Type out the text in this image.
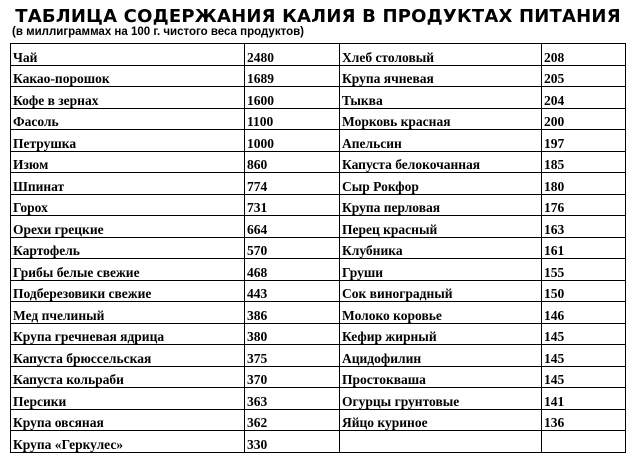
ТАБЛИЦА СОДЕРЖАНИЯ КАЛИЯ В ПРОДУКТАХ ПИТАНИЯ
(в миллиграммах на 100 г. чистого веса продуктов)
Чай	2480	Хлеб столовый	208
Какао-порошок	1689	Крупа ячневая	205
Кофе в зернах	1600	Тыква	204
Фасоль	1100	Морковь красная	200
Петрушка	1000	Апельсин	197
Изюм	860	Капуста белокочанная	185
Шпинат	774	Сыр Рокфор	180
Горох	731	Крупа перловая	176
Орехи грецкие	664	Перец красный	163
Картофель	570	Клубника	161
Грибы белые свежие	468	Груши	155
Подберезовики свежие	443	Сок виноградный	150
Мед пчелиный	386	Молоко коровье	146
Крупа гречневая ядрица	380	Кефир жирный	145
Капуста брюссельская	375	Ацидофилин	145
Капуста кольраби	370	Простокваша	145
Персики	363	Огурцы грунтовые	141
Крупа овсяная	362	Яйцо куриное	136
Крупа «Геркулес»	330		
